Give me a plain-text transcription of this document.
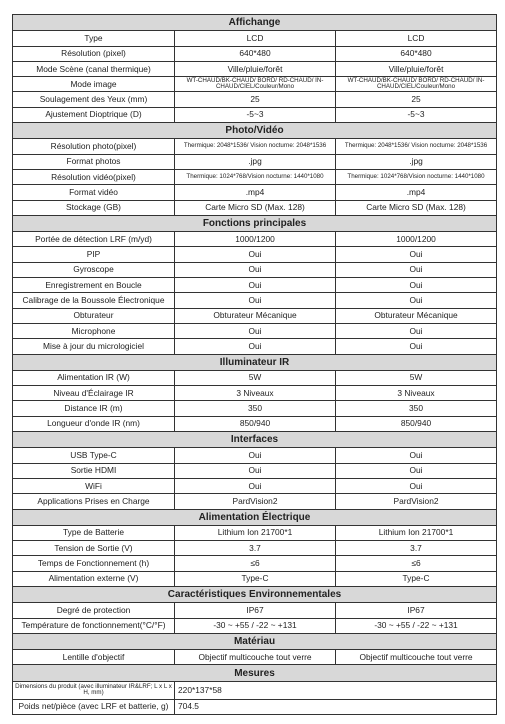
Affichange		
Type	LCD	LCD
Résolution (pixel)	640*480	640*480
Mode Scène (canal thermique)	Ville/pluie/forêt	Ville/pluie/forêt
Mode image	WT-CHAUD/BK-CHAUD/ BORD/ RD-CHAUD/ IN-CHAUD/CIEL/Couleur/Mono	WT-CHAUD/BK-CHAUD/ BORD/ RD-CHAUD/ IN-CHAUD/CIEL/Couleur/Mono
Soulagement des Yeux (mm)	25	25
Ajustement Dioptrique (D)	-5~3	-5~3
Photo/Vidéo		
Résolution photo(pixel)	Thermique: 2048*1536/ Vision nocturne: 2048*1536	Thermique: 2048*1536/ Vision nocturne: 2048*1536
Format photos	.jpg	.jpg
Résolution vidéo(pixel)	Thermique: 1024*768/Vision nocturne: 1440*1080	Thermique: 1024*768/Vision nocturne: 1440*1080
Format vidéo	.mp4	.mp4
Stockage (GB)	Carte Micro SD (Max. 128)	Carte Micro SD (Max. 128)
Fonctions principales		
Portée de détection LRF (m/yd)	1000/1200	1000/1200
PIP	Oui	Oui
Gyroscope	Oui	Oui
Enregistrement en Boucle	Oui	Oui
Calibrage de la Boussole Électronique	Oui	Oui
Obturateur	Obturateur Mécanique	Obturateur Mécanique
Microphone	Oui	Oui
Mise à jour du micrologiciel	Oui	Oui
Illuminateur IR		
Alimentation IR (W)	5W	5W
Niveau d'Éclairage IR	3 Niveaux	3 Niveaux
Distance IR (m)	350	350
Longueur d'onde IR (nm)	850/940	850/940
Interfaces		
USB Type-C	Oui	Oui
Sortie HDMI	Oui	Oui
WiFi	Oui	Oui
Applications Prises en Charge	PardVision2	PardVision2
Alimentation Électrique		
Type de Batterie	Lithium Ion 21700*1	Lithium Ion 21700*1
Tension de Sortie (V)	3.7	3.7
Temps de Fonctionnement (h)	≤6	≤6
Alimentation externe (V)	Type-C	Type-C
Caractéristiques Environnementales		
Degré de protection	IP67	IP67
Température de fonctionnement(°C/°F)	-30 ~ +55 / -22 ~ +131	-30 ~ +55 / -22 ~ +131
Matériau		
Lentille d'objectif	Objectif multicouche tout verre	Objectif multicouche tout verre
Mesures		
Dimensions du produit (avec illuminateur IR&LRF; L x L x H, mm)	220*137*58	
Poids net/pièce (avec LRF et batterie, g)	704.5	
